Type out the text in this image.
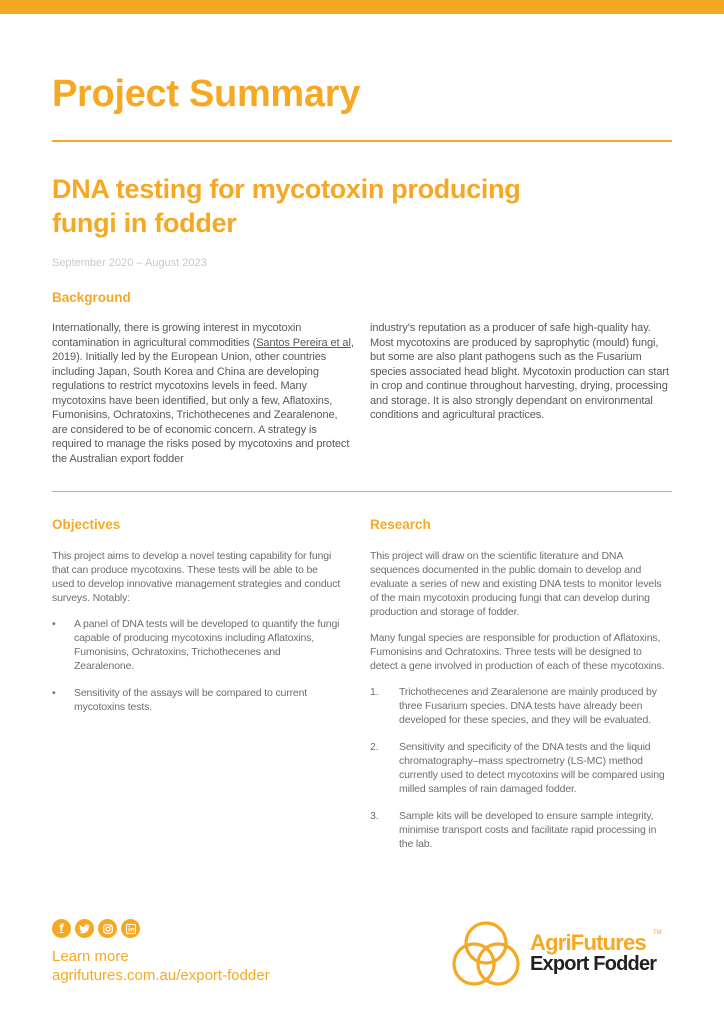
Project Summary
DNA testing for mycotoxin producing
fungi in fodder
September 2020 – August 2023
Background
Internationally, there is growing interest in mycotoxin contamination in agricultural commodities (Santos Pereira et al, 2019). Initially led by the European Union, other countries including Japan, South Korea and China are developing regulations to restrict mycotoxins levels in feed. Many mycotoxins have been identified, but only a few, Aflatoxins, Fumonisins, Ochratoxins, Trichothecenes and Zearalenone, are considered to be of economic concern. A strategy is required to manage the risks posed by mycotoxins and protect the Australian export fodder
industry's reputation as a producer of safe high-quality hay. Most mycotoxins are produced by saprophytic (mould) fungi, but some are also plant pathogens such as the Fusarium species associated head blight. Mycotoxin production can start in crop and continue throughout harvesting, drying, processing and storage. It is also strongly dependant on environmental conditions and agricultural practices.
Objectives

This project aims to develop a novel testing capability for fungi that can produce mycotoxins. These tests will be able to be used to develop innovative management strategies and conduct surveys. Notably:

• A panel of DNA tests will be developed to quantify the fungi capable of producing mycotoxins including Aflatoxins, Fumonisins, Ochratoxins, Trichothecenes and Zearalenone.
• Sensitivity of the assays will be compared to current mycotoxins tests.
Research

This project will draw on the scientific literature and DNA sequences documented in the public domain to develop and evaluate a series of new and existing DNA tests to monitor levels of the main mycotoxin producing fungi that can develop during production and storage of fodder.

Many fungal species are responsible for production of Aflatoxins, Fumonisins and Ochratoxins. Three tests will be designed to detect a gene involved in production of each of these mycotoxins.

1. Trichothecenes and Zearalenone are mainly produced by three Fusarium species. DNA tests have already been developed for these species, and they will be evaluated.
2. Sensitivity and specificity of the DNA tests and the liquid chromatography–mass spectrometry (LS-MC) method currently used to detect mycotoxins will be compared using milled samples of rain damaged fodder.
3. Sample kits will be developed to ensure sample integrity, minimise transport costs and facilitate rapid processing in the lab.
f
Learn more
agrifutures.com.au/export-fodder
AgriFutures TM
Export Fodder
